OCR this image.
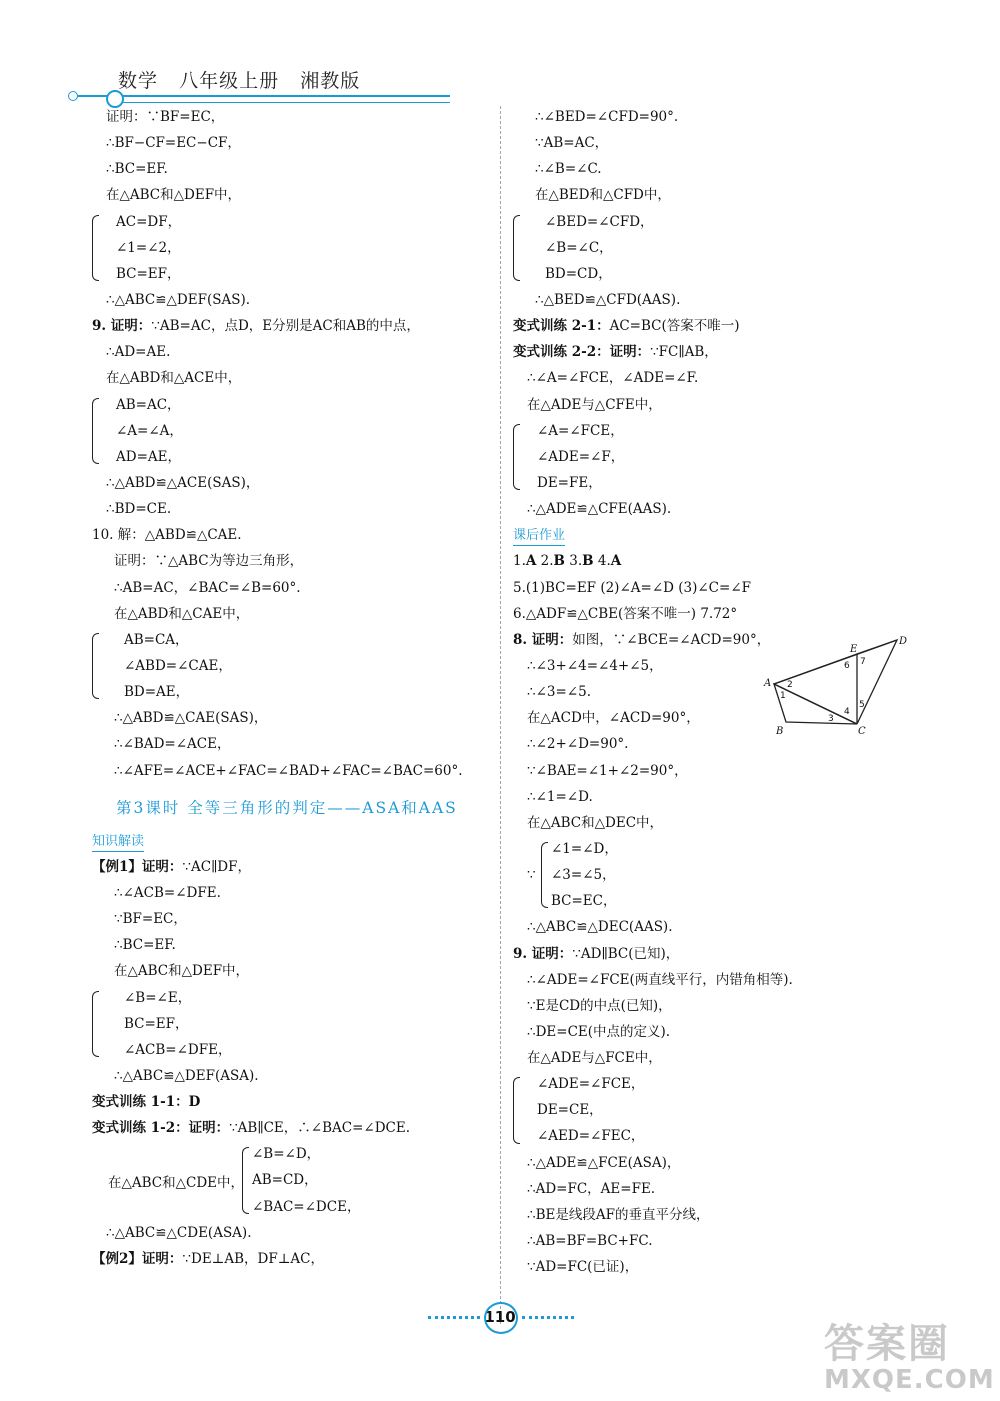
数学   八年级上册   湘教版
证明：∵BF=EC，
∴BF−CF=EC−CF，
∴BC=EF.
在△ABC和△DEF中，
AC=DF，
∠1=∠2，
BC=EF，
∴△ABC≌△DEF(SAS).
9. 证明：∵AB=AC，点D，E分别是AC和AB的中点，
∴AD=AE.
在△ABD和△ACE中，
AB=AC，
∠A=∠A，
AD=AE，
∴△ABD≌△ACE(SAS)，
∴BD=CE.
10. 解：△ABD≌△CAE.
证明：∵△ABC为等边三角形，
∴AB=AC，∠BAC=∠B=60°.
在△ABD和△CAE中，
AB=CA，
∠ABD=∠CAE，
BD=AE，
∴△ABD≌△CAE(SAS)，
∴∠BAD=∠ACE，
∴∠AFE=∠ACE+∠FAC=∠BAD+∠FAC=∠BAC=60°.
第3课时 全等三角形的判定——ASA和AAS
知识解读
【例1】证明：∵AC∥DF，
∴∠ACB=∠DFE.
∵BF=EC，
∴BC=EF.
在△ABC和△DEF中，
∠B=∠E，
BC=EF，
∠ACB=∠DFE，
∴△ABC≌△DEF(ASA).
变式训练 1-1：D
变式训练 1-2：证明：∵AB∥CE，∴∠BAC=∠DCE.
在△ABC和△CDE中，
∠B=∠D，
AB=CD，
∠BAC=∠DCE，
∴△ABC≌△CDE(ASA).
【例2】证明：∵DE⊥AB，DF⊥AC，
∴∠BED=∠CFD=90°.
∵AB=AC，
∴∠B=∠C.
在△BED和△CFD中，
∠BED=∠CFD，
∠B=∠C，
BD=CD，
∴△BED≌△CFD(AAS).
变式训练 2-1：AC=BC(答案不唯一)
变式训练 2-2：证明：∵FC∥AB，
∴∠A=∠FCE，∠ADE=∠F.
在△ADE与△CFE中，
∠A=∠FCE，
∠ADE=∠F，
DE=FE，
∴△ADE≌△CFE(AAS).
课后作业
1.A 2.B 3.B 4.A
5.(1)BC=EF (2)∠A=∠D (3)∠C=∠F
6.△ADF≌△CBE(答案不唯一) 7.72°
8. 证明：如图，∵∠BCE=∠ACD=90°，
∴∠3+∠4=∠4+∠5，
∴∠3=∠5.
在△ACD中，∠ACD=90°，
∴∠2+∠D=90°.
∵∠BAE=∠1+∠2=90°，
∴∠1=∠D.
在△ABC和△DEC中，
∵
∠1=∠D，
∠3=∠5，
BC=EC，
∴△ABC≌△DEC(AAS).
9. 证明：∵AD∥BC(已知)，
∴∠ADE=∠FCE(两直线平行，内错角相等).
∵E是CD的中点(已知)，
∴DE=CE(中点的定义).
在△ADE与△FCE中，
∠ADE=∠FCE，
DE=CE，
∠AED=∠FEC，
∴△ADE≌△FCE(ASA)，
∴AD=FC，AE=FE.
∴BE是线段AF的垂直平分线，
∴AB=BF=BC+FC.
∵AD=FC(已证)，
A
B	C
D
E
1
2
3
4
5
6 7
110
答案圈
MXQE.COM
